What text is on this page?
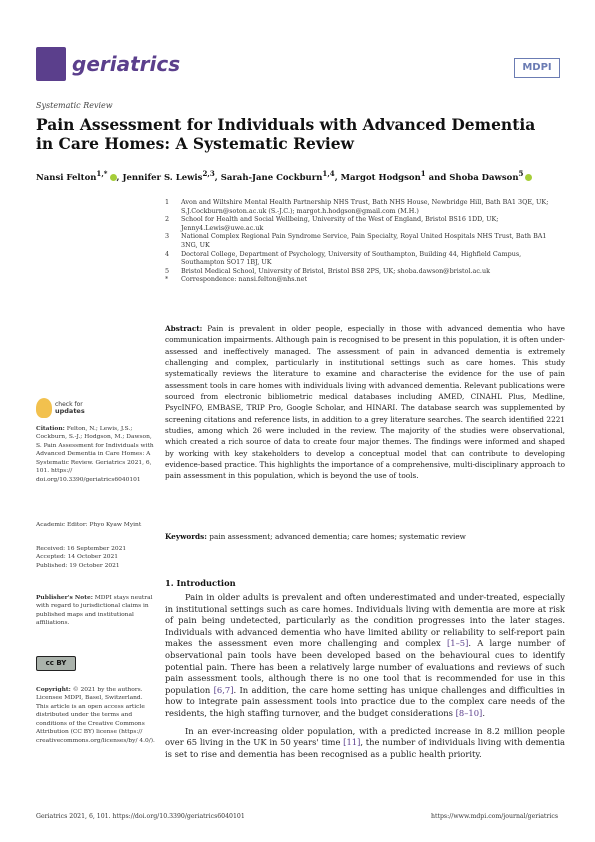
geriatrics	MDPI
Systematic Review
Pain Assessment for Individuals with Advanced Dementia in Care Homes: A Systematic Review
Nansi Felton$^{1,*}$ , Jennifer S. Lewis$^{2,3}$, Sarah-Jane Cockburn$^{1,4}$, Margot Hodgson$^1$ and Shoba Dawson$^5$
1 Avon and Wiltshire Mental Health Partnership NHS Trust, Bath NHS House, Newbridge Hill, Bath BA1 3QE, UK; S.J.Cockburn@soton.ac.uk (S.-J.C.); margot.h.hodgson@gmail.com (M.H.)
2 School for Health and Social Wellbeing, University of the West of England, Bristol BS16 1DD, UK; Jenny4.Lewis@uwe.ac.uk
3 National Complex Regional Pain Syndrome Service, Pain Specialty, Royal United Hospitals NHS Trust, Bath BA1 3NG, UK
4 Doctoral College, Department of Psychology, University of Southampton, Building 44, Highfield Campus, Southampton SO17 1BJ, UK
5 Bristol Medical School, University of Bristol, Bristol BS8 2PS, UK; shoba.dawson@bristol.ac.uk
* Correspondence: nansi.felton@nhs.net
Abstract: Pain is prevalent in older people, especially in those with advanced dementia who have communication impairments. Although pain is recognised to be present in this population, it is often under-assessed and ineffectively managed. The assessment of pain in advanced dementia is extremely challenging and complex, particularly in institutional settings such as care homes. This study systematically reviews the literature to examine and characterise the evidence for the use of pain assessment tools in care homes with individuals living with advanced dementia. Relevant publications were sourced from electronic bibliometric medical databases including AMED, CINAHL Plus, Medline, PsycINFO, EMBASE, TRIP Pro, Google Scholar, and HINARI. The database search was supplemented by screening citations and reference lists, in addition to a grey literature searches. The search identified 2221 studies, among which 26 were included in the review. The majority of the studies were observational, which created a rich source of data to create four major themes. The findings were informed and shaped by working with key stakeholders to develop a conceptual model that can contribute to developing evidence-based practice. This highlights the importance of a comprehensive, multi-disciplinary approach to pain assessment in this population, which is beyond the use of tools.
Keywords: pain assessment; advanced dementia; care homes; systematic review
check for
updates
Citation: Felton, N.; Lewis, J.S.; Cockburn, S.-J.; Hodgson, M.; Dawson, S. Pain Assessment for Individuals with Advanced Dementia in Care Homes: A Systematic Review. Geriatrics 2021, 6, 101. https:// doi.org/10.3390/geriatrics6040101
Academic Editor: Phyo Kyaw Myint
Received: 16 September 2021
Accepted: 14 October 2021
Published: 19 October 2021
Publisher's Note: MDPI stays neutral with regard to jurisdictional claims in published maps and institutional affiliations.
cc BY
Copyright: © 2021 by the authors. Licensee MDPI, Basel, Switzerland. This article is an open access article distributed under the terms and conditions of the Creative Commons Attribution (CC BY) license (https:// creativecommons.org/licenses/by/ 4.0/).
1. Introduction

Pain in older adults is prevalent and often underestimated and under-treated, especially in institutional settings such as care homes. Individuals living with dementia are more at risk of pain being undetected, particularly as the condition progresses into the later stages. Individuals with advanced dementia who have limited ability or reliability to self-report pain makes the assessment even more challenging and complex [1–5]. A large number of observational pain tools have been developed based on the behavioural cues to identify potential pain. There has been a relatively large number of evaluations and reviews of such pain assessment tools, although there is no one tool that is recommended for use in this population [6,7]. In addition, the care home setting has unique challenges and difficulties in how to integrate pain assessment tools into practice due to the complex care needs of the residents, the high staffing turnover, and the budget considerations [8–10].

In an ever-increasing older population, with a predicted increase in 8.2 million people over 65 living in the UK in 50 years' time [11], the number of individuals living with dementia is set to rise and dementia has been recognised as a public health priority.

Geriatrics 2021, 6, 101. https://doi.org/10.3390/geriatrics6040101	https://www.mdpi.com/journal/geriatrics
